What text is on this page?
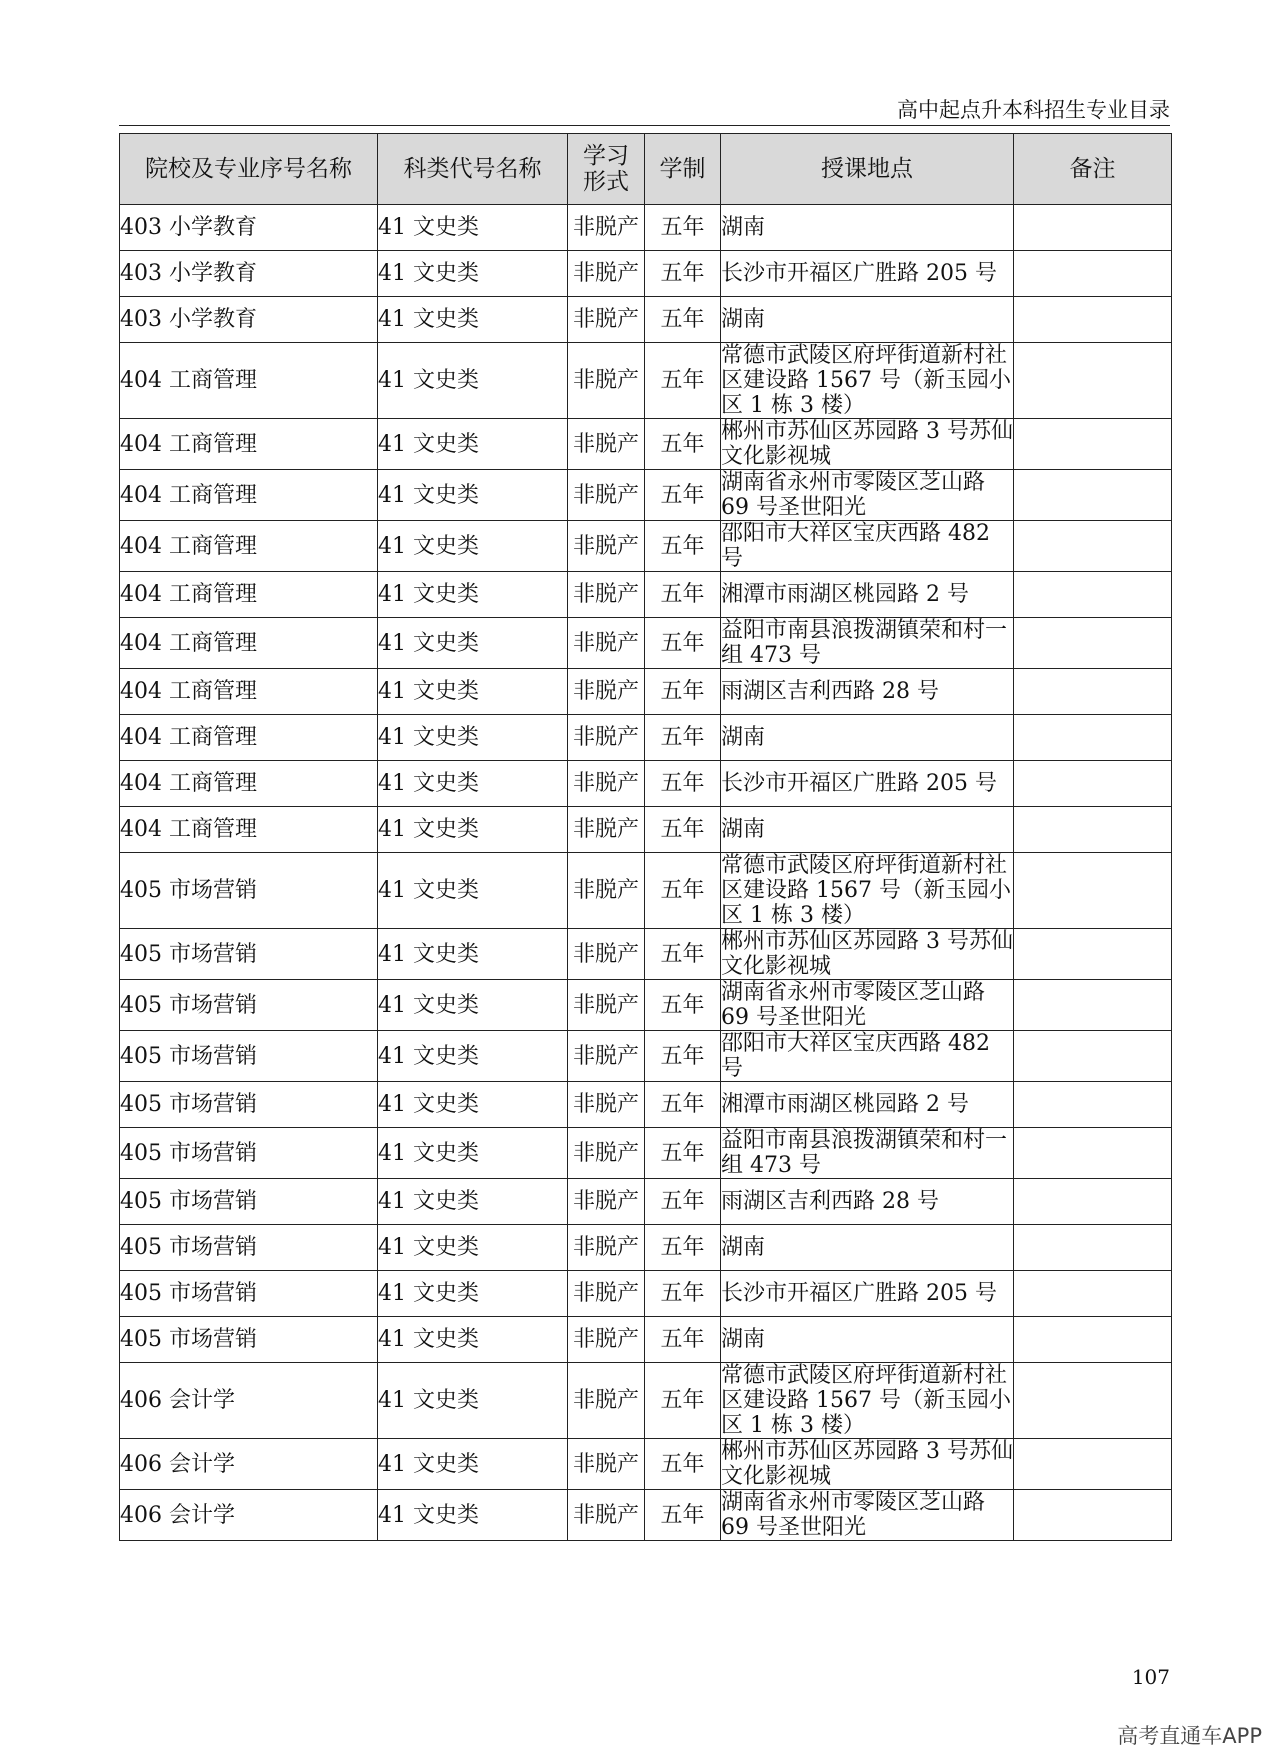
高中起点升本科招生专业目录
院校及专业序号名称	科类代号名称	学习形式	学制	授课地点	备注
403 小学教育	41 文史类	非脱产	五年	湖南	
403 小学教育	41 文史类	非脱产	五年	长沙市开福区广胜路 205 号	
403 小学教育	41 文史类	非脱产	五年	湖南	
404 工商管理	41 文史类	非脱产	五年	常德市武陵区府坪街道新村社区建设路 1567 号（新玉园小区 1 栋 3 楼）	
404 工商管理	41 文史类	非脱产	五年	郴州市苏仙区苏园路 3 号苏仙文化影视城	
404 工商管理	41 文史类	非脱产	五年	湖南省永州市零陵区芝山路 69 号圣世阳光	
404 工商管理	41 文史类	非脱产	五年	邵阳市大祥区宝庆西路 482 号	
404 工商管理	41 文史类	非脱产	五年	湘潭市雨湖区桃园路 2 号	
404 工商管理	41 文史类	非脱产	五年	益阳市南县浪拨湖镇荣和村一组 473 号	
404 工商管理	41 文史类	非脱产	五年	雨湖区吉利西路 28 号	
404 工商管理	41 文史类	非脱产	五年	湖南	
404 工商管理	41 文史类	非脱产	五年	长沙市开福区广胜路 205 号	
404 工商管理	41 文史类	非脱产	五年	湖南	
405 市场营销	41 文史类	非脱产	五年	常德市武陵区府坪街道新村社区建设路 1567 号（新玉园小区 1 栋 3 楼）	
405 市场营销	41 文史类	非脱产	五年	郴州市苏仙区苏园路 3 号苏仙文化影视城	
405 市场营销	41 文史类	非脱产	五年	湖南省永州市零陵区芝山路 69 号圣世阳光	
405 市场营销	41 文史类	非脱产	五年	邵阳市大祥区宝庆西路 482 号	
405 市场营销	41 文史类	非脱产	五年	湘潭市雨湖区桃园路 2 号	
405 市场营销	41 文史类	非脱产	五年	益阳市南县浪拨湖镇荣和村一组 473 号	
405 市场营销	41 文史类	非脱产	五年	雨湖区吉利西路 28 号	
405 市场营销	41 文史类	非脱产	五年	湖南	
405 市场营销	41 文史类	非脱产	五年	长沙市开福区广胜路 205 号	
405 市场营销	41 文史类	非脱产	五年	湖南	
406 会计学	41 文史类	非脱产	五年	常德市武陵区府坪街道新村社区建设路 1567 号（新玉园小区 1 栋 3 楼）	
406 会计学	41 文史类	非脱产	五年	郴州市苏仙区苏园路 3 号苏仙文化影视城	
406 会计学	41 文史类	非脱产	五年	湖南省永州市零陵区芝山路 69 号圣世阳光	
107
高考直通车APP
